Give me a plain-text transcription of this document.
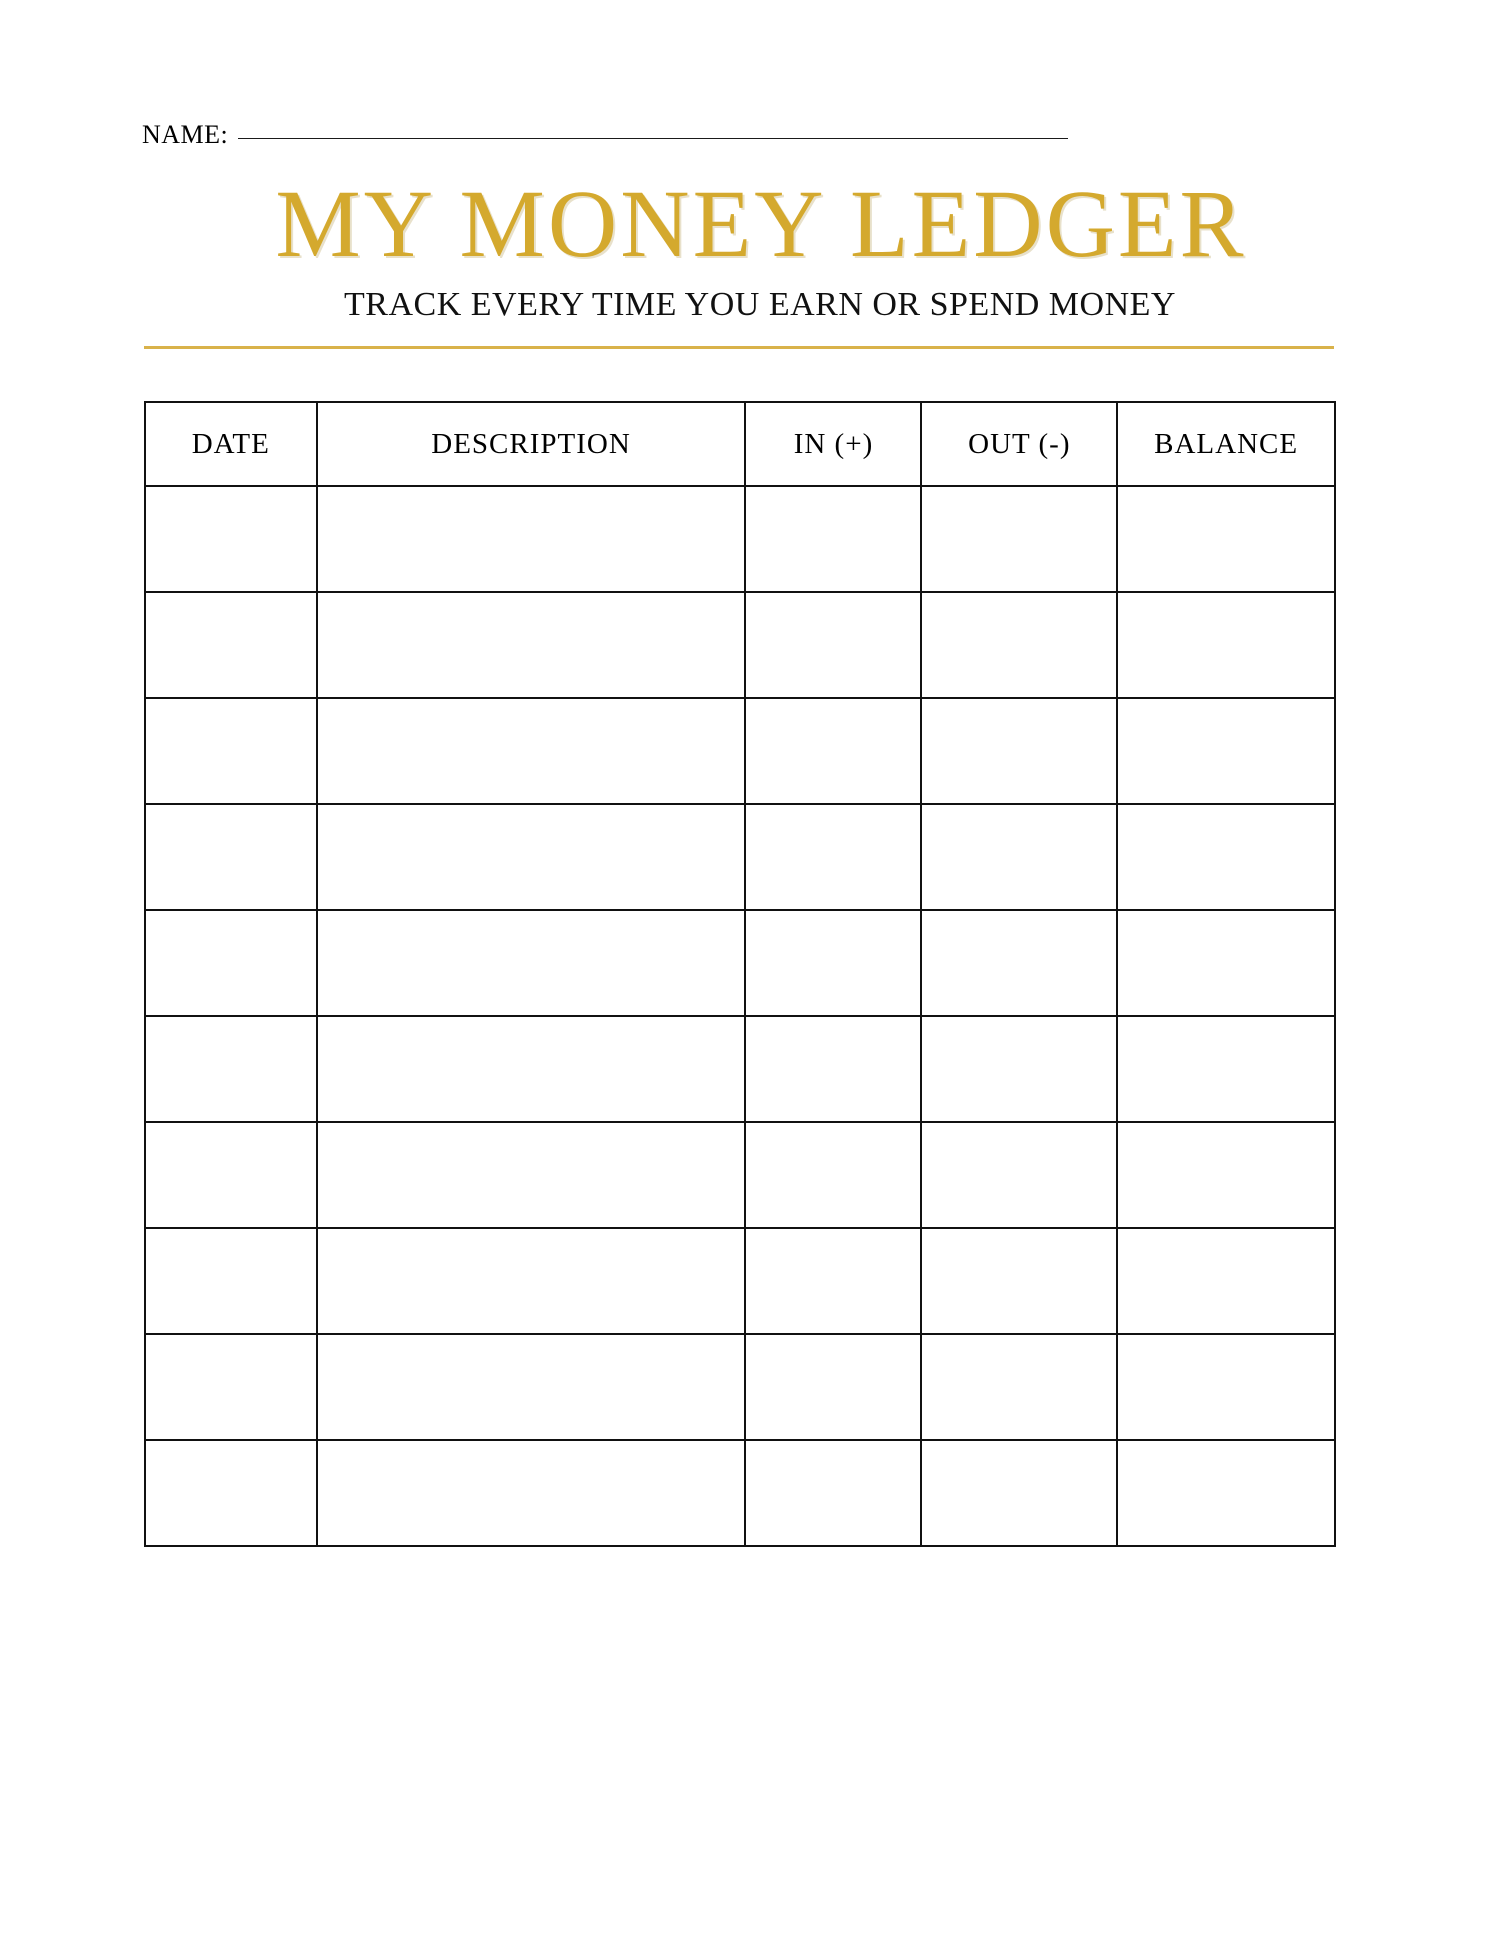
NAME:
MY MONEY LEDGER
TRACK EVERY TIME YOU EARN OR SPEND MONEY
DATE	DESCRIPTION	IN (+)	OUT (-)	BALANCE
